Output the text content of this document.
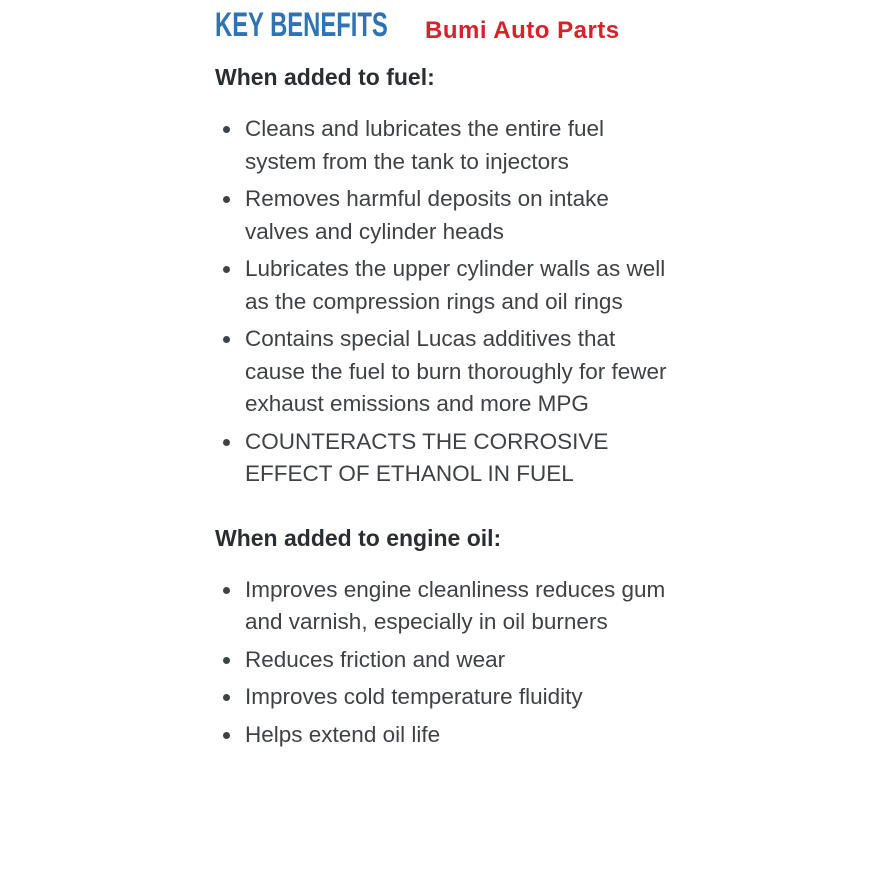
KEY BENEFITS Bumi Auto Parts
When added to fuel:
Cleans and lubricates the entire fuel system from the tank to injectors
Removes harmful deposits on intake valves and cylinder heads
Lubricates the upper cylinder walls as well as the compression rings and oil rings
Contains special Lucas additives that cause the fuel to burn thoroughly for fewer exhaust emissions and more MPG
COUNTERACTS THE CORROSIVE EFFECT OF ETHANOL IN FUEL
When added to engine oil:
Improves engine cleanliness reduces gum and varnish, especially in oil burners
Reduces friction and wear
Improves cold temperature fluidity
Helps extend oil life
